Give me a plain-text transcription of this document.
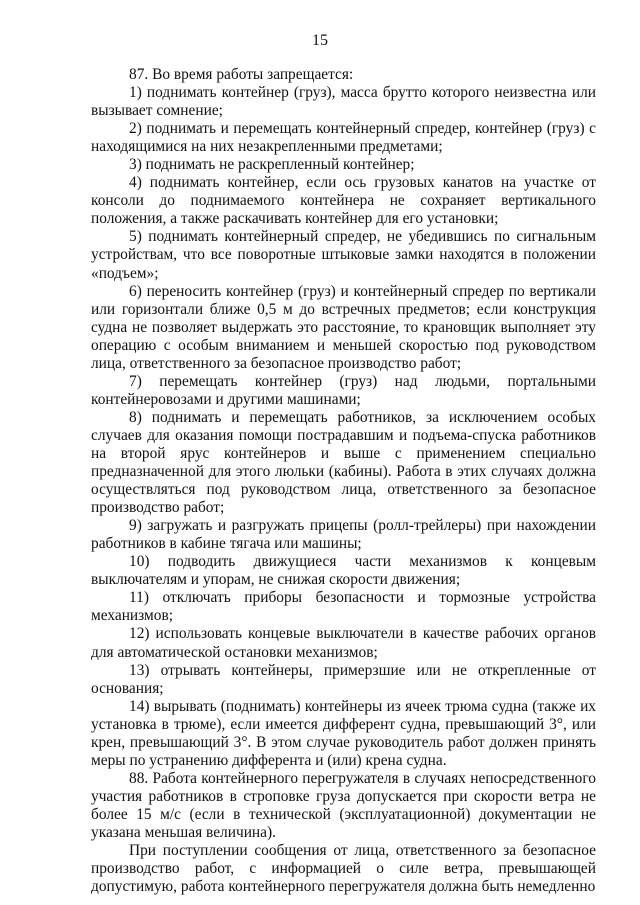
15

87. Во время работы запрещается:

1) поднимать контейнер (груз), масса брутто которого неизвестна или вызывает сомнение;

2) поднимать и перемещать контейнерный спредер, контейнер (груз) с находящимися на них незакрепленными предметами;

3) поднимать не раскрепленный контейнер;

4) поднимать контейнер, если ось грузовых канатов на участке от консоли до поднимаемого контейнера не сохраняет вертикального положения, а также раскачивать контейнер для его установки;

5) поднимать контейнерный спредер, не убедившись по сигнальным устройствам, что все поворотные штыковые замки находятся в положении «подъем»;

6) переносить контейнер (груз) и контейнерный спредер по вертикали или горизонтали ближе 0,5 м до встречных предметов; если конструкция судна не позволяет выдержать это расстояние, то крановщик выполняет эту операцию с особым вниманием и меньшей скоростью под руководством лица, ответственного за безопасное производство работ;

7) перемещать контейнер (груз) над людьми, портальными контейнеровозами и другими машинами;

8) поднимать и перемещать работников, за исключением особых случаев для оказания помощи пострадавшим и подъема-спуска работников на второй ярус контейнеров и выше с применением специально предназначенной для этого люльки (кабины). Работа в этих случаях должна осуществляться под руководством лица, ответственного за безопасное производство работ;

9) загружать и разгружать прицепы (ролл-трейлеры) при нахождении работников в кабине тягача или машины;

10) подводить движущиеся части механизмов к концевым выключателям и упорам, не снижая скорости движения;

11) отключать приборы безопасности и тормозные устройства механизмов;

12) использовать концевые выключатели в качестве рабочих органов для автоматической остановки механизмов;

13) отрывать контейнеры, примерзшие или не открепленные от основания;

14) вырывать (поднимать) контейнеры из ячеек трюма судна (также их установка в трюме), если имеется дифферент судна, превышающий 3°, или крен, превышающий 3°. В этом случае руководитель работ должен принять меры по устранению дифферента и (или) крена судна.

88. Работа контейнерного перегружателя в случаях непосредственного участия работников в строповке груза допускается при скорости ветра не более 15 м/с (если в технической (эксплуатационной) документации не указана меньшая величина).

При поступлении сообщения от лица, ответственного за безопасное производство работ, с информацией о силе ветра, превышающей допустимую, работа контейнерного перегружателя должна быть немедленно
